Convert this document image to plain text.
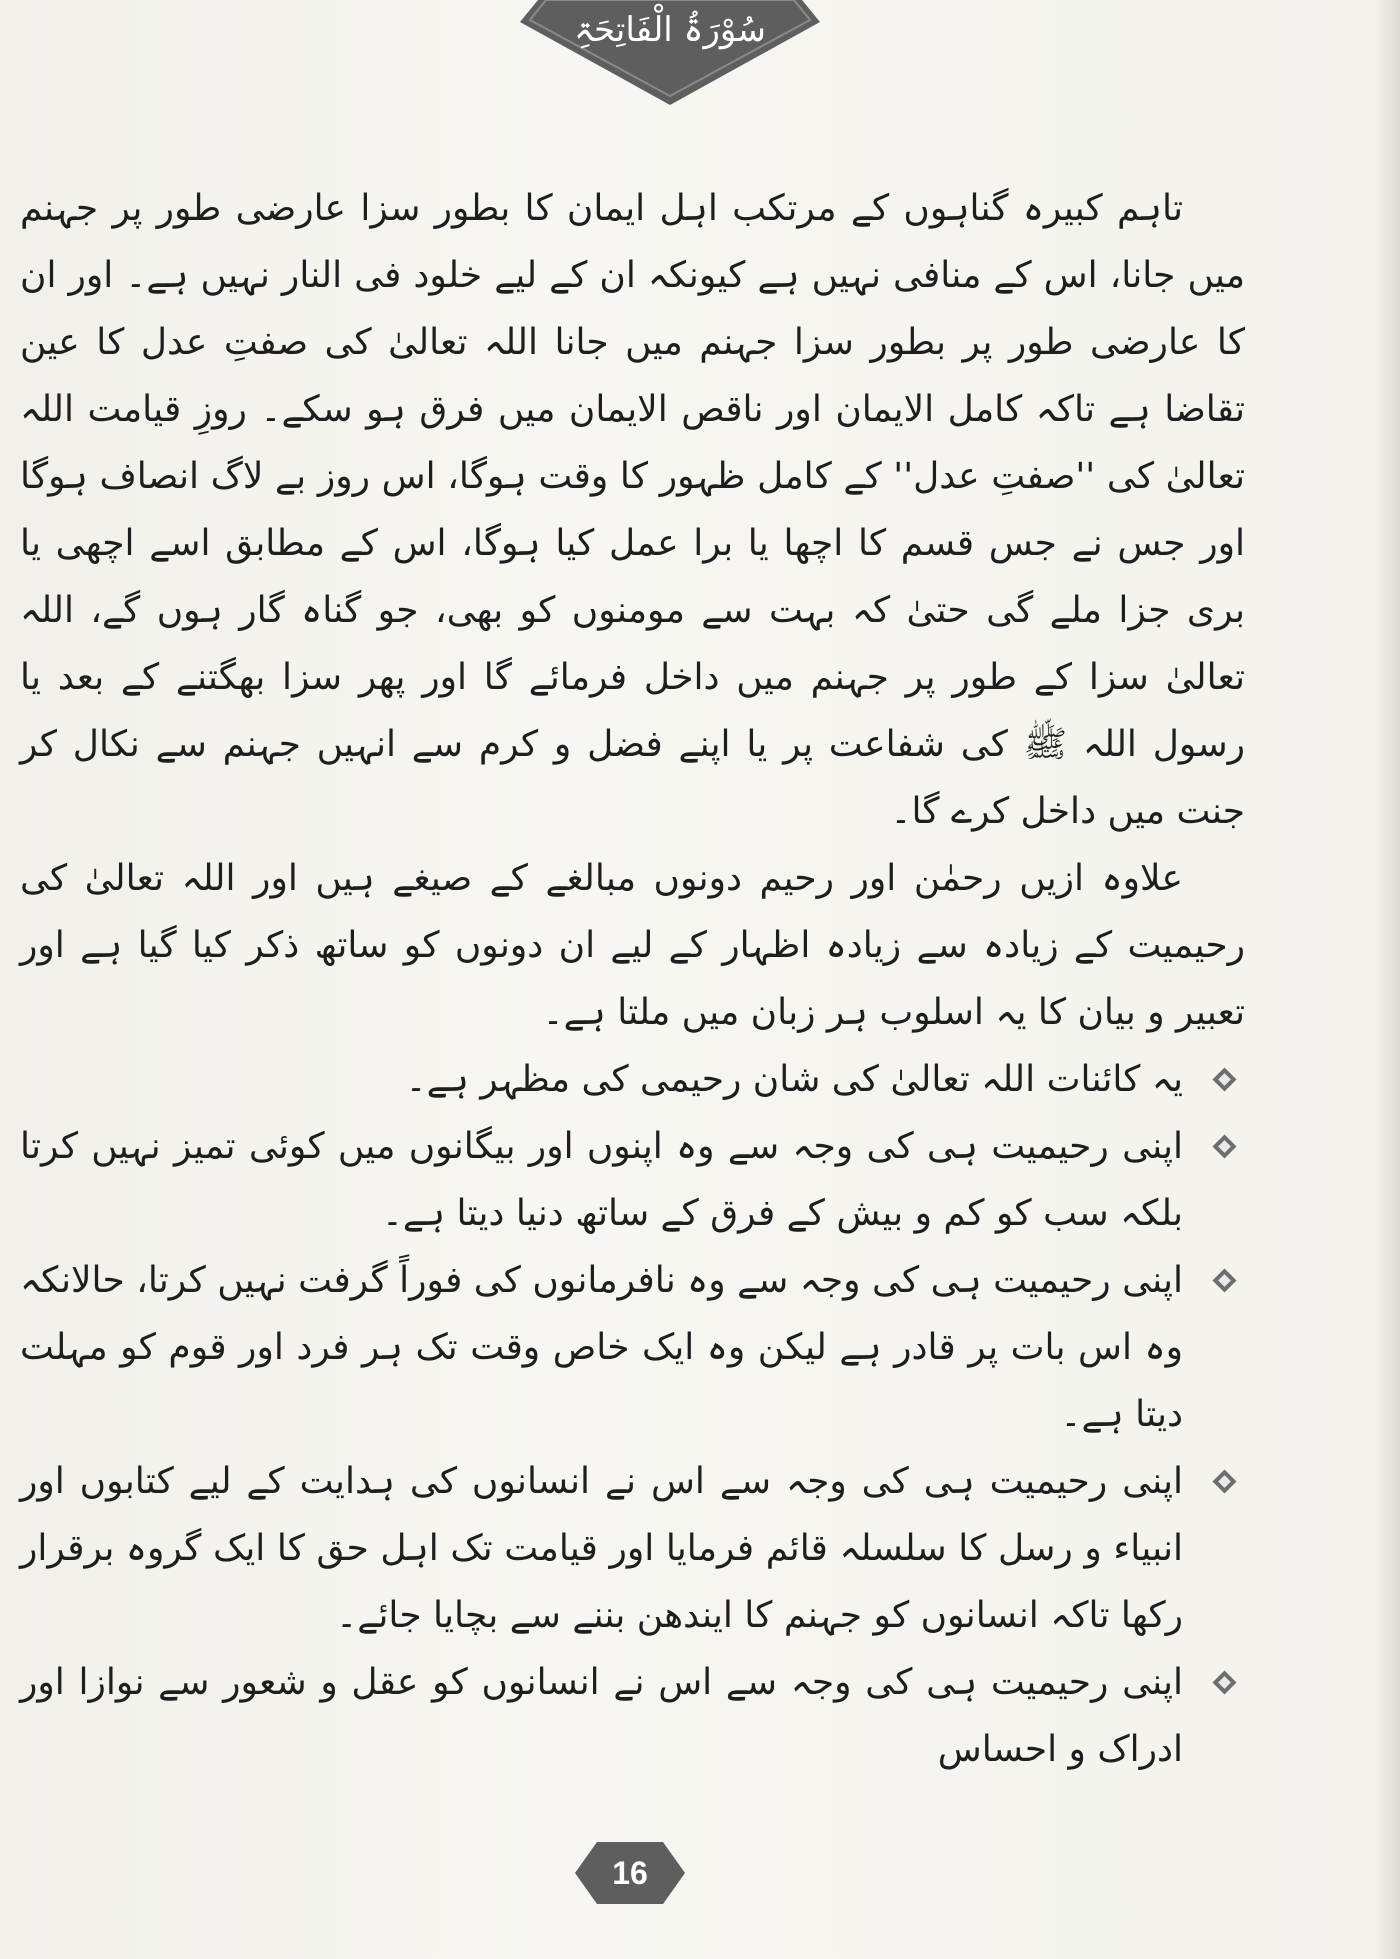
سُوْرَۃُ الْفَاتِحَۃِ

تاہم کبیرہ گناہوں کے مرتکب اہل ایمان کا بطور سزا عارضی طور پر جہنم میں جانا، اس کے منافی نہیں ہے کیونکہ ان کے لیے خلود فی النار نہیں ہے۔ اور ان کا عارضی طور پر بطور سزا جہنم میں جانا اللہ تعالیٰ کی صفتِ عدل کا عین تقاضا ہے تاکہ کامل الایمان اور ناقص الایمان میں فرق ہو سکے۔ روزِ قیامت اللہ تعالیٰ کی ''صفتِ عدل'' کے کامل ظہور کا وقت ہوگا، اس روز بے لاگ انصاف ہوگا اور جس نے جس قسم کا اچھا یا برا عمل کیا ہوگا، اس کے مطابق اسے اچھی یا بری جزا ملے گی حتیٰ کہ بہت سے مومنوں کو بھی، جو گناہ گار ہوں گے، اللہ تعالیٰ سزا کے طور پر جہنم میں داخل فرمائے گا اور پھر سزا بھگتنے کے بعد یا رسول اللہ ﷺ کی شفاعت پر یا اپنے فضل و کرم سے انہیں جہنم سے نکال کر جنت میں داخل کرے گا۔

علاوہ ازیں رحمٰن اور رحیم دونوں مبالغے کے صیغے ہیں اور اللہ تعالیٰ کی رحیمیت کے زیادہ سے زیادہ اظہار کے لیے ان دونوں کو ساتھ ذکر کیا گیا ہے اور تعبیر و بیان کا یہ اسلوب ہر زبان میں ملتا ہے۔

یہ کائنات اللہ تعالیٰ کی شان رحیمی کی مظہر ہے۔
اپنی رحیمیت ہی کی وجہ سے وہ اپنوں اور بیگانوں میں کوئی تمیز نہیں کرتا بلکہ سب کو کم و بیش کے فرق کے ساتھ دنیا دیتا ہے۔
اپنی رحیمیت ہی کی وجہ سے وہ نافرمانوں کی فوراً گرفت نہیں کرتا، حالانکہ وہ اس بات پر قادر ہے لیکن وہ ایک خاص وقت تک ہر فرد اور قوم کو مہلت دیتا ہے۔
اپنی رحیمیت ہی کی وجہ سے اس نے انسانوں کی ہدایت کے لیے کتابوں اور انبیاء و رسل کا سلسلہ قائم فرمایا اور قیامت تک اہل حق کا ایک گروہ برقرار رکھا تاکہ انسانوں کو جہنم کا ایندھن بننے سے بچایا جائے۔
اپنی رحیمیت ہی کی وجہ سے اس نے انسانوں کو عقل و شعور سے نوازا اور ادراک و احساس
16
